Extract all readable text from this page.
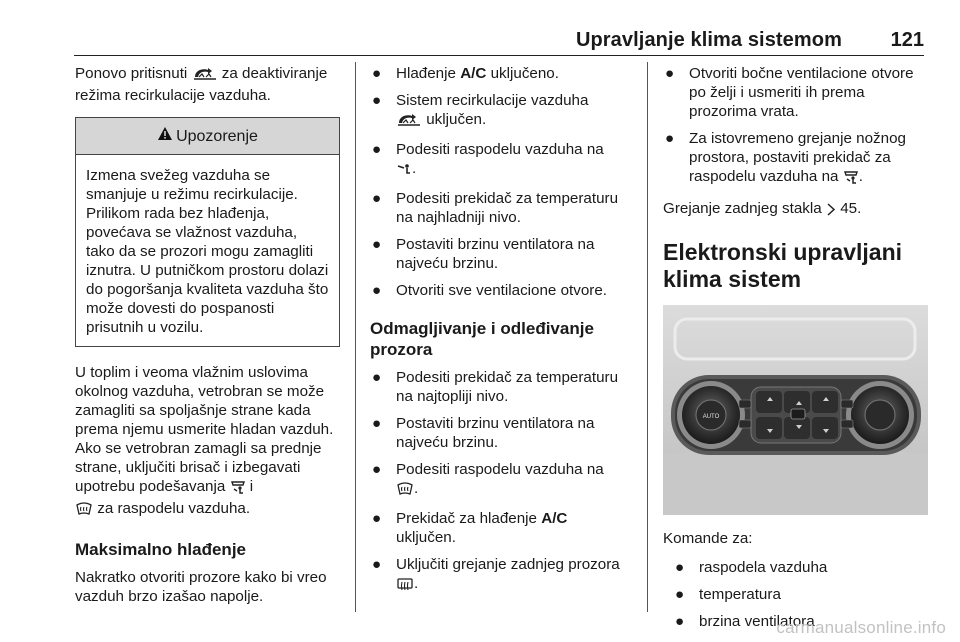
Upravljanje klima sistemom 121

Ponovo pritisnuti za deaktiviranje režima recirkulacije vazduha.

Upozorenje
Izmena svežeg vazduha se smanjuje u režimu recirkulacije. Prilikom rada bez hlađenja, povećava se vlažnost vazduha, tako da se prozori mogu zamagliti iznutra. U putničkom prostoru dolazi do pogoršanja kvaliteta vazduha što može dovesti do pospanosti prisutnih u vozilu.

U toplim i veoma vlažnim uslovima okolnog vazduha, vetrobran se može zamagliti sa spoljašnje strane kada prema njemu usmerite hladan vazduh. Ako se vetrobran zamagli sa prednje strane, uključiti brisač i izbegavati upotrebu podešavanja i
za raspodelu vazduha.

Maksimalno hlađenje

Nakratko otvoriti prozore kako bi vreo vazduh brzo izašao napolje.

● Hlađenje A/C uključeno.
● Sistem recirkulacije vazduha
uključen.
● Podesiti raspodelu vazduha na
.
● Podesiti prekidač za temperaturu na najhladniji nivo.
● Postaviti brzinu ventilatora na najveću brzinu.
● Otvoriti sve ventilacione otvore.
Odmagljivanje i odleđivanje prozora
● Podesiti prekidač za temperaturu na najtopliji nivo.
● Postaviti brzinu ventilatora na najveću brzinu.
● Podesiti raspodelu vazduha na
.
● Prekidač za hlađenje A/C
uključen.
● Uključiti grejanje zadnjeg prozora .
● Otvoriti bočne ventilacione otvore po želji i usmeriti ih prema prozorima vrata.
● Za istovremeno grejanje nožnog prostora, postaviti prekidač za raspodelu vazduha na .

Grejanje zadnjeg stakla 45.

Elektronski upravljani klima sistem
AUTO

Komande za:

● raspodela vazduha
● temperatura
● brzina ventilatora
carmanualsonline.info
